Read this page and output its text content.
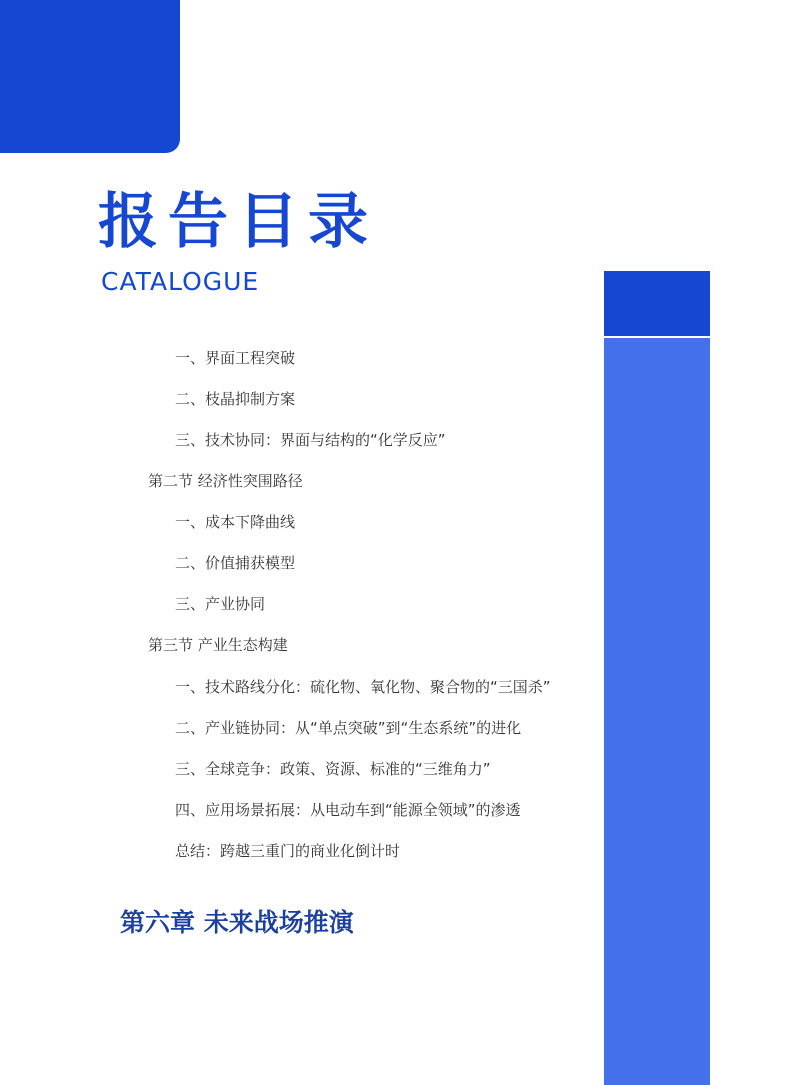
报告目录
CATALOGUE
一、界面工程突破
二、枝晶抑制方案
三、技术协同：界面与结构的“化学反应”
第二节 经济性突围路径
一、成本下降曲线
二、价值捕获模型
三、产业协同
第三节 产业生态构建
一、技术路线分化：硫化物、氧化物、聚合物的“三国杀”
二、产业链协同：从“单点突破”到“生态系统”的进化
三、全球竞争：政策、资源、标准的“三维角力”
四、应用场景拓展：从电动车到“能源全领域”的渗透
总结：跨越三重门的商业化倒计时
第六章 未来战场推演
